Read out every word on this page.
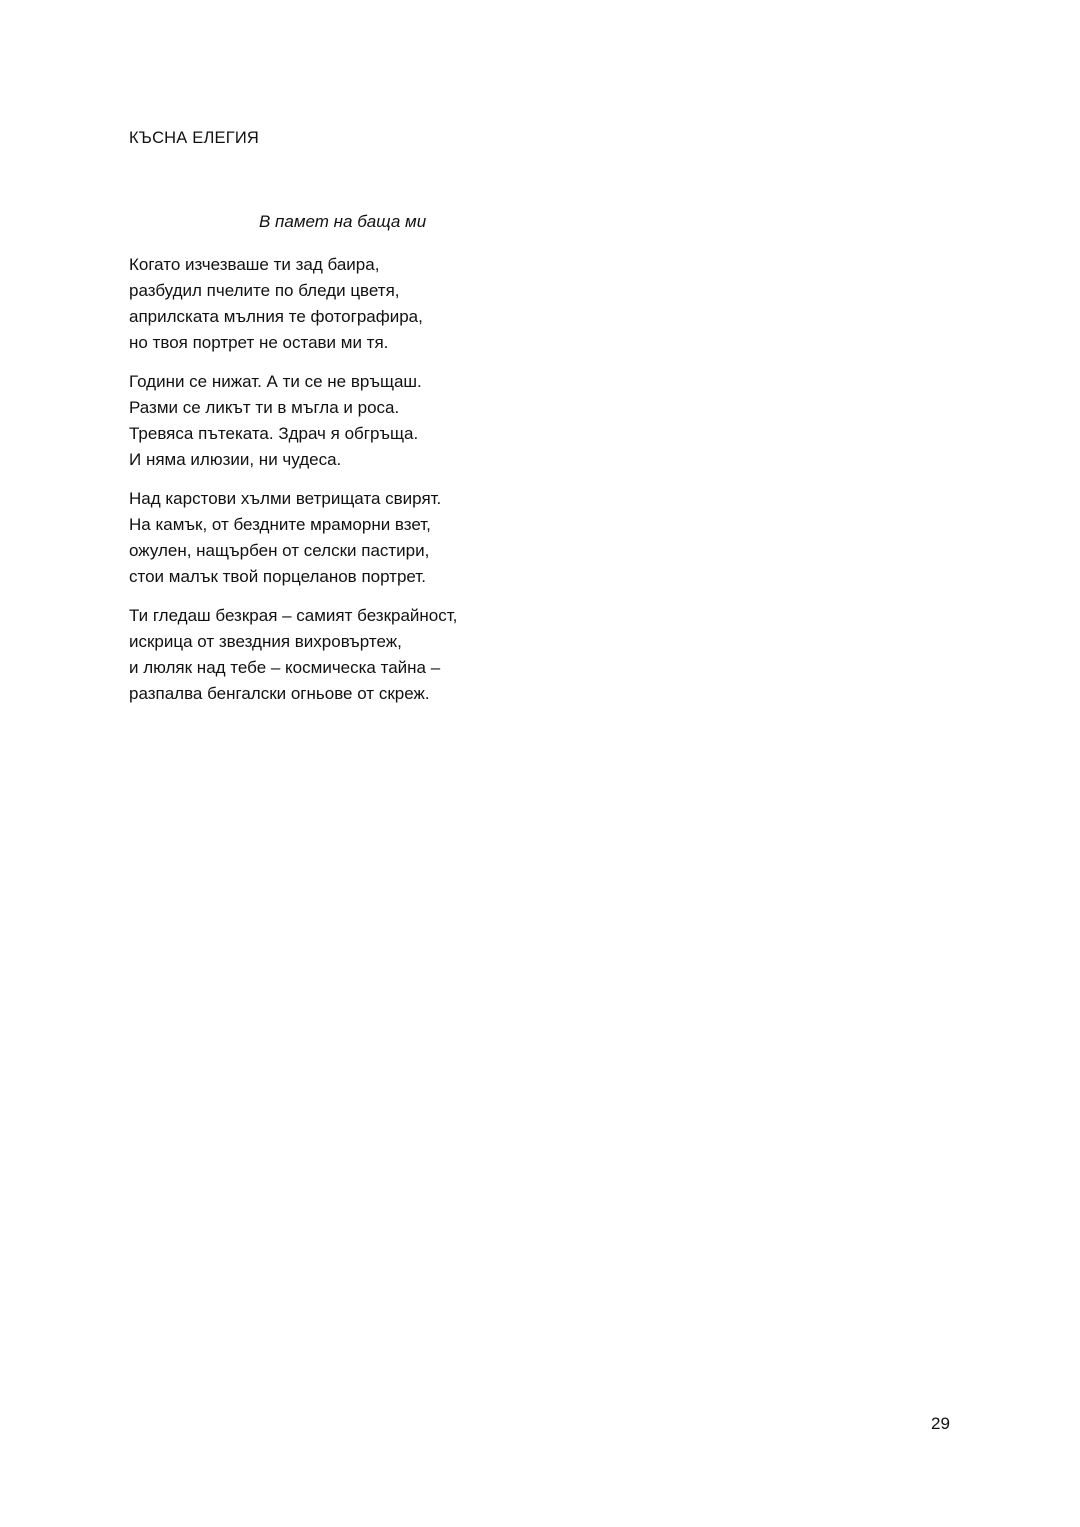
КЪСНА ЕЛЕГИЯ
В памет на баща ми
Когато изчезваше ти зад баира,
разбудил пчелите по бледи цветя,
априлската мълния те фотографира,
но твоя портрет не остави ми тя.
Години се нижат. А ти се не връщаш.
Разми се ликът ти в мъгла и роса.
Тревяса пътеката. Здрач я обгръща.
И няма илюзии, ни чудеса.
Над карстови хълми ветрищата свирят.
На камък, от бездните мраморни взет,
ожулен, нащърбен от селски пастири,
стои малък твой порцеланов портрет.
Ти гледаш безкрая – самият безкрайност,
искрица от звездния вихровъртеж,
и люляк над тебе – космическа тайна –
разпалва бенгалски огньове от скреж.
29
